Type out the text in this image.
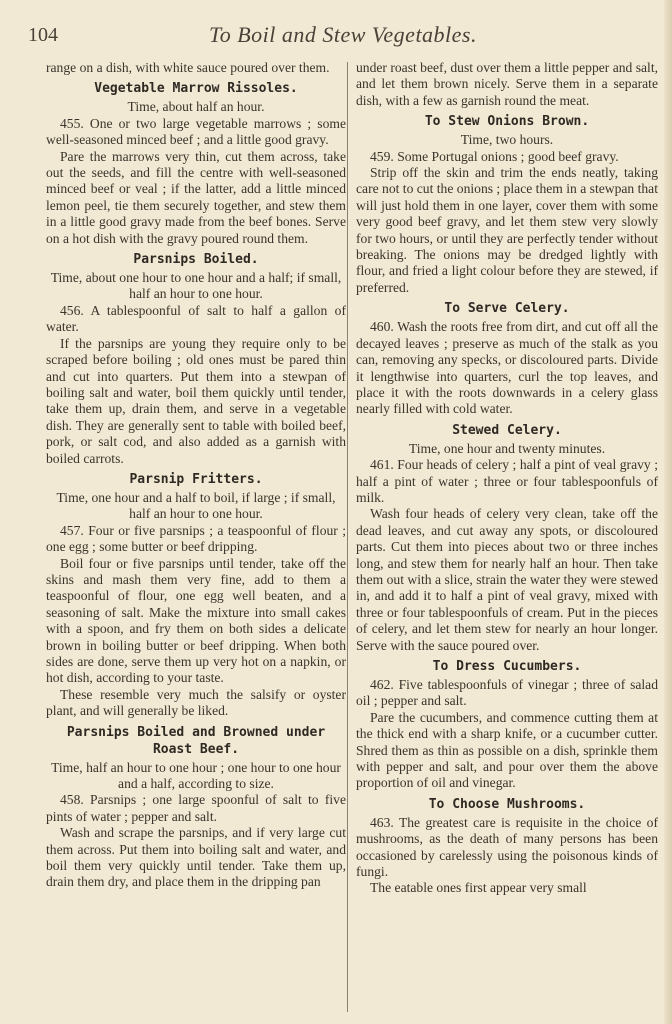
104	To Boil and Stew Vegetables.

range on a dish, with white sauce poured over them.

Vegetable Marrow Rissoles.

Time, about half an hour.

455. One or two large vegetable marrows ; some well-seasoned minced beef ; and a little good gravy.

Pare the marrows very thin, cut them across, take out the seeds, and fill the centre with well-seasoned minced beef or veal ; if the latter, add a little minced lemon peel, tie them securely together, and stew them in a little good gravy made from the beef bones. Serve on a hot dish with the gravy poured round them.

Parsnips Boiled.

Time, about one hour to one hour and a half; if small, half an hour to one hour.

456. A tablespoonful of salt to half a gallon of water.

If the parsnips are young they require only to be scraped before boiling ; old ones must be pared thin and cut into quarters. Put them into a stewpan of boiling salt and water, boil them quickly until tender, take them up, drain them, and serve in a vegetable dish. They are generally sent to table with boiled beef, pork, or salt cod, and also added as a garnish with boiled carrots.

Parsnip Fritters.

Time, one hour and a half to boil, if large ; if small, half an hour to one hour.

457. Four or five parsnips ; a teaspoonful of flour ; one egg ; some butter or beef dripping.

Boil four or five parsnips until tender, take off the skins and mash them very fine, add to them a teaspoonful of flour, one egg well beaten, and a seasoning of salt. Make the mixture into small cakes with a spoon, and fry them on both sides a delicate brown in boiling butter or beef dripping. When both sides are done, serve them up very hot on a napkin, or hot dish, according to your taste.

These resemble very much the salsify or oyster plant, and will generally be liked.

Parsnips Boiled and Browned under Roast Beef.

Time, half an hour to one hour ; one hour to one hour and a half, according to size.

458. Parsnips ; one large spoonful of salt to five pints of water ; pepper and salt.

Wash and scrape the parsnips, and if very large cut them across. Put them into boiling salt and water, and boil them very quickly until tender. Take them up, drain them dry, and place them in the dripping pan

under roast beef, dust over them a little pepper and salt, and let them brown nicely. Serve them in a separate dish, with a few as garnish round the meat.

To Stew Onions Brown.

Time, two hours.

459. Some Portugal onions ; good beef gravy.

Strip off the skin and trim the ends neatly, taking care not to cut the onions ; place them in a stewpan that will just hold them in one layer, cover them with some very good beef gravy, and let them stew very slowly for two hours, or until they are perfectly tender without breaking. The onions may be dredged lightly with flour, and fried a light colour before they are stewed, if preferred.

To Serve Celery.

460. Wash the roots free from dirt, and cut off all the decayed leaves ; preserve as much of the stalk as you can, removing any specks, or discoloured parts. Divide it lengthwise into quarters, curl the top leaves, and place it with the roots downwards in a celery glass nearly filled with cold water.

Stewed Celery.

Time, one hour and twenty minutes.

461. Four heads of celery ; half a pint of veal gravy ; half a pint of water ; three or four tablespoonfuls of milk.

Wash four heads of celery very clean, take off the dead leaves, and cut away any spots, or discoloured parts. Cut them into pieces about two or three inches long, and stew them for nearly half an hour. Then take them out with a slice, strain the water they were stewed in, and add it to half a pint of veal gravy, mixed with three or four tablespoonfuls of cream. Put in the pieces of celery, and let them stew for nearly an hour longer. Serve with the sauce poured over.

To Dress Cucumbers.

462. Five tablespoonfuls of vinegar ; three of salad oil ; pepper and salt.

Pare the cucumbers, and commence cutting them at the thick end with a sharp knife, or a cucumber cutter. Shred them as thin as possible on a dish, sprinkle them with pepper and salt, and pour over them the above proportion of oil and vinegar.

To Choose Mushrooms.

463. The greatest care is requisite in the choice of mushrooms, as the death of many persons has been occasioned by carelessly using the poisonous kinds of fungi.

The eatable ones first appear very small
